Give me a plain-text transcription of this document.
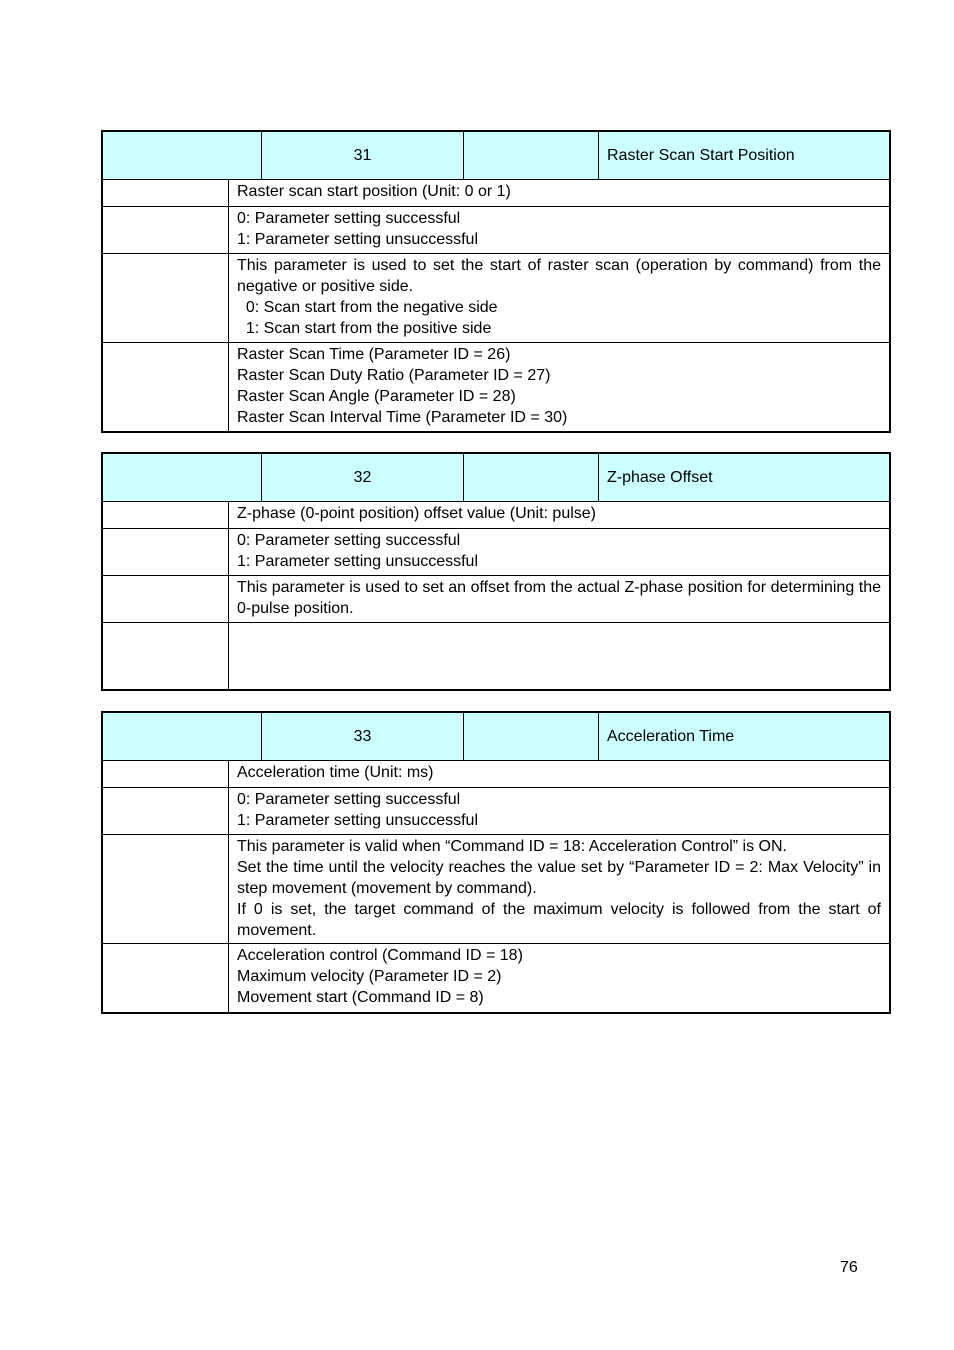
31	Raster Scan Start Position
Raster scan start position (Unit: 0 or 1)
0: Parameter setting successful
1: Parameter setting unsuccessful
This parameter is used to set the start of raster scan (operation by command) from the negative or positive side.
0: Scan start from the negative side
1: Scan start from the positive side
Raster Scan Time (Parameter ID = 26)
Raster Scan Duty Ratio (Parameter ID = 27)
Raster Scan Angle (Parameter ID = 28)
Raster Scan Interval Time (Parameter ID = 30)
32	Z-phase Offset
Z-phase (0-point position) offset value (Unit: pulse)
0: Parameter setting successful
1: Parameter setting unsuccessful
This parameter is used to set an offset from the actual Z-phase position for determining the 0-pulse position.
33	Acceleration Time
Acceleration time (Unit: ms)
0: Parameter setting successful
1: Parameter setting unsuccessful
This parameter is valid when “Command ID = 18: Acceleration Control” is ON.
Set the time until the velocity reaches the value set by “Parameter ID = 2: Max Velocity” in step movement (movement by command).
If 0 is set, the target command of the maximum velocity is followed from the start of movement.
Acceleration control (Command ID = 18)
Maximum velocity (Parameter ID = 2)
Movement start (Command ID = 8)
76
